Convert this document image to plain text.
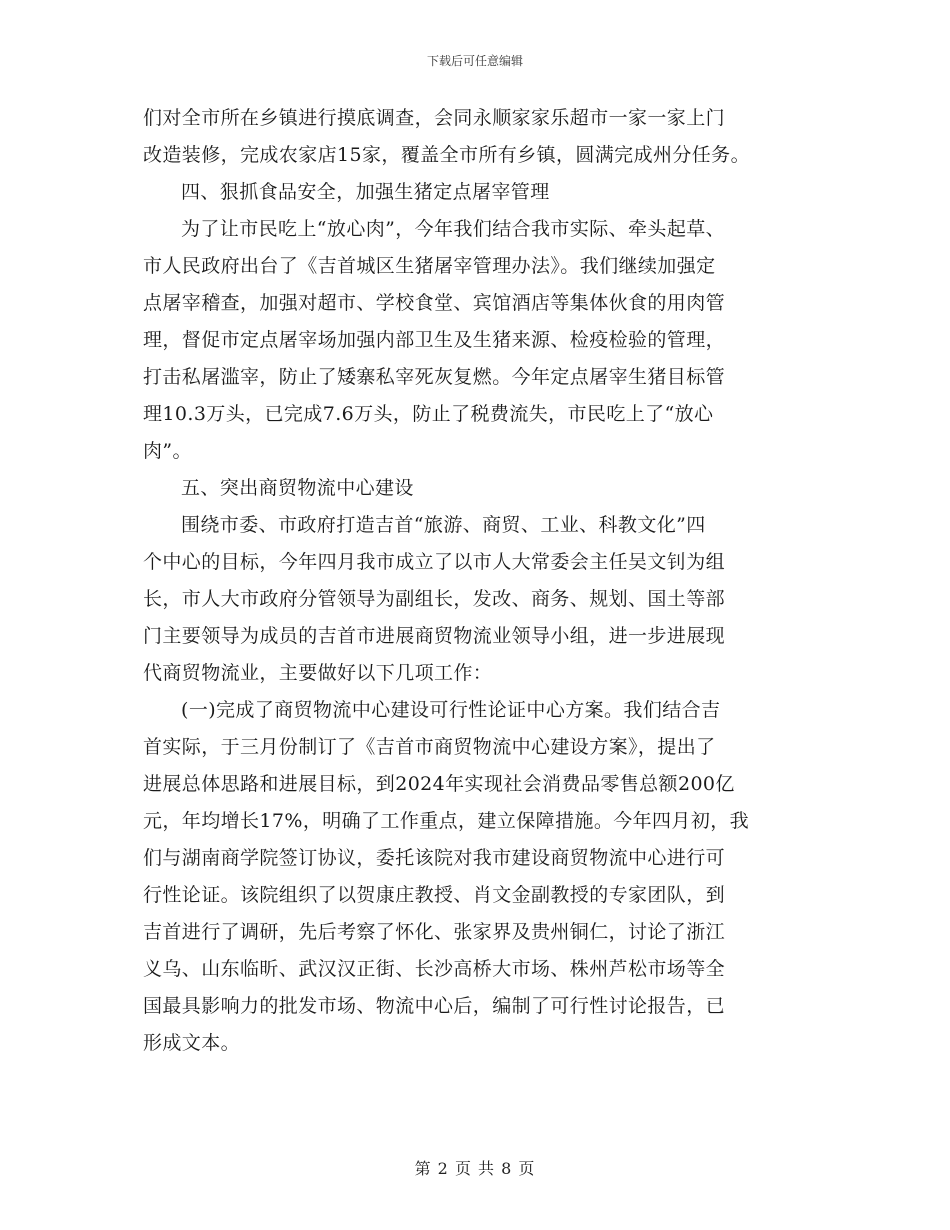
下载后可任意编辑
们对全市所在乡镇进行摸底调查，会同永顺家家乐超市一家一家上门
改造装修，完成农家店15家，覆盖全市所有乡镇，圆满完成州分任务。
四、狠抓食品安全，加强生猪定点屠宰管理
为了让市民吃上“放心肉”，今年我们结合我市实际、牵头起草、
市人民政府出台了《吉首城区生猪屠宰管理办法》。我们继续加强定
点屠宰稽查，加强对超市、学校食堂、宾馆酒店等集体伙食的用肉管
理，督促市定点屠宰场加强内部卫生及生猪来源、检疫检验的管理，
打击私屠滥宰，防止了矮寨私宰死灰复燃。今年定点屠宰生猪目标管
理10.3万头，已完成7.6万头，防止了税费流失，市民吃上了“放心
肉”。
五、突出商贸物流中心建设
围绕市委、市政府打造吉首“旅游、商贸、工业、科教文化”四
个中心的目标，今年四月我市成立了以市人大常委会主任吴文钊为组
长，市人大市政府分管领导为副组长，发改、商务、规划、国土等部
门主要领导为成员的吉首市进展商贸物流业领导小组，进一步进展现
代商贸物流业，主要做好以下几项工作：
(一)完成了商贸物流中心建设可行性论证中心方案。我们结合吉
首实际，于三月份制订了《吉首市商贸物流中心建设方案》，提出了
进展总体思路和进展目标，到2024年实现社会消费品零售总额200亿
元，年均增长17%，明确了工作重点，建立保障措施。今年四月初，我
们与湖南商学院签订协议，委托该院对我市建设商贸物流中心进行可
行性论证。该院组织了以贺康庄教授、肖文金副教授的专家团队，到
吉首进行了调研，先后考察了怀化、张家界及贵州铜仁，讨论了浙江
义乌、山东临昕、武汉汉正街、长沙高桥大市场、株州芦松市场等全
国最具影响力的批发市场、物流中心后，编制了可行性讨论报告，已
形成文本。
第 2 页 共 8 页
